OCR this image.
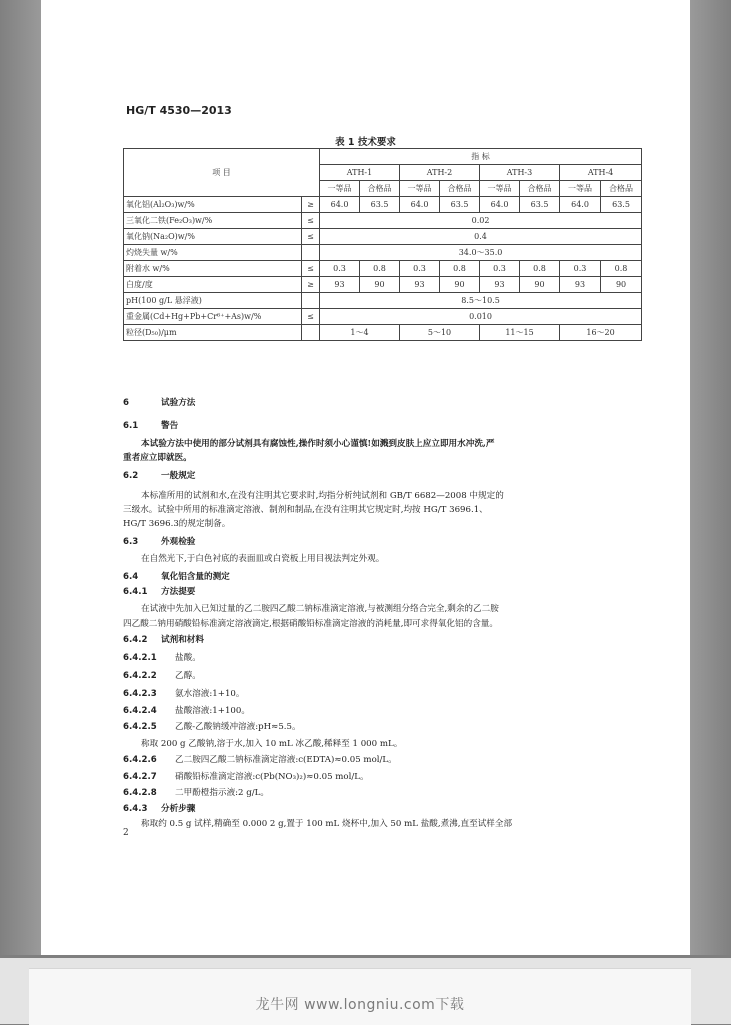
HG/T 4530—2013
表 1 技术要求
项 目		指 标							
		ATH-1		ATH-2		ATH-3		ATH-4	
		一等品	合格品	一等品	合格品	一等品	合格品	一等品	合格品
氧化铝(Al₂O₃)w/%	≥	64.0	63.5	64.0	63.5	64.0	63.5	64.0	63.5
三氧化二铁(Fe₂O₃)w/%	≤	0.02							
氧化钠(Na₂O)w/%	≤	0.4							
灼烧失量 w/%		34.0～35.0							
附着水 w/%	≤	0.3	0.8	0.3	0.8	0.3	0.8	0.3	0.8
白度/度	≥	93	90	93	90	93	90	93	90
pH(100 g/L 悬浮液)		8.5～10.5							
重金属(Cd+Hg+Pb+Cr⁶⁺+As)w/%	≤	0.010							
粒径(D₅₀)/μm		1～4		5～10		11～15		16～20	
6	试验方法
6.1	警告
本试验方法中使用的部分试剂具有腐蚀性,操作时须小心谨慎!如溅到皮肤上应立即用水冲洗,严
重者应立即就医。
6.2	一般规定
本标准所用的试剂和水,在没有注明其它要求时,均指分析纯试剂和 GB/T 6682—2008 中规定的
三级水。试验中所用的标准滴定溶液、制剂和制品,在没有注明其它规定时,均按 HG/T 3696.1、
HG/T 3696.3的规定制备。
6.3	外观检验
在自然光下,于白色衬底的表面皿或白瓷板上用目视法判定外观。
6.4	氧化铝含量的测定
6.4.1 方法提要
在试液中先加入已知过量的乙二胺四乙酸二钠标准滴定溶液,与被测组分络合完全,剩余的乙二胺
四乙酸二钠用硝酸铅标准滴定溶液滴定,根据硝酸铅标准滴定溶液的消耗量,即可求得氧化铝的含量。
6.4.2 试剂和材料
6.4.2.1 盐酸。
6.4.2.2 乙醇。
6.4.2.3 氨水溶液:1+10。
6.4.2.4 盐酸溶液:1+100。
6.4.2.5 乙酸-乙酸钠缓冲溶液:pH≈5.5。
称取 200 g 乙酸钠,溶于水,加入 10 mL 冰乙酸,稀释至 1 000 mL。
6.4.2.6 乙二胺四乙酸二钠标准滴定溶液:c(EDTA)≈0.05 mol/L。
6.4.2.7 硝酸铅标准滴定溶液:c(Pb(NO₃)₂)≈0.05 mol/L。
6.4.2.8 二甲酚橙指示液:2 g/L。
6.4.3 分析步骤
称取约 0.5 g 试样,精确至 0.000 2 g,置于 100 mL 烧杯中,加入 50 mL 盐酸,煮沸,直至试样全部
2
龙牛网 www.longniu.com下载
